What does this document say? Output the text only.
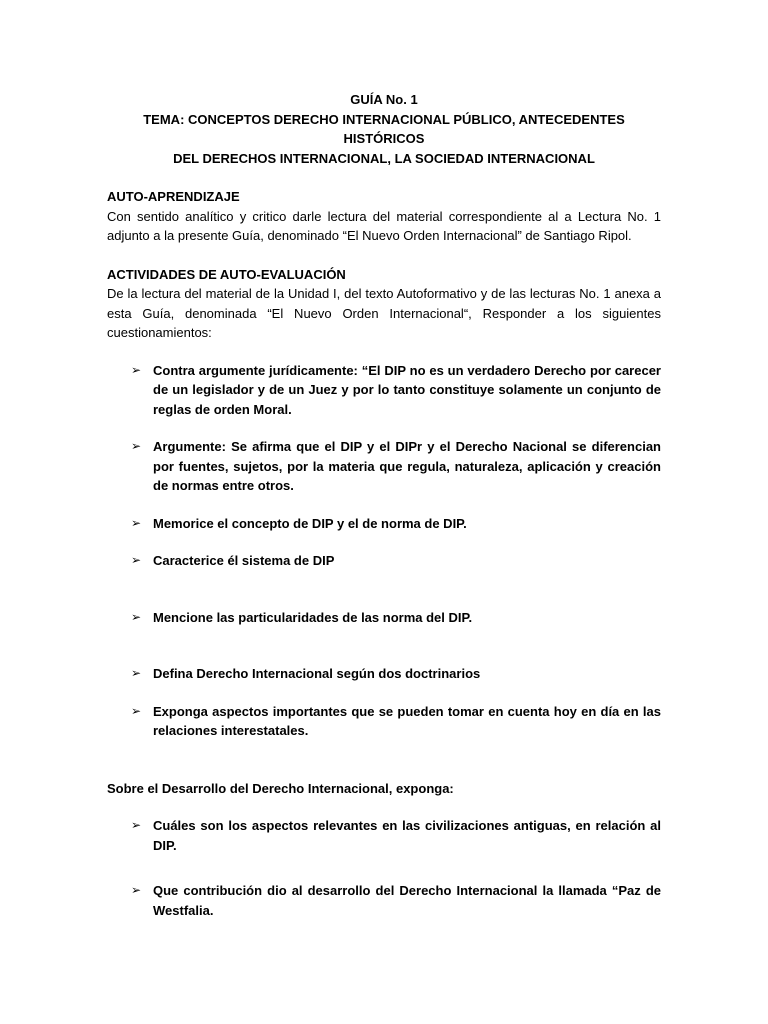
GUÍA No. 1
TEMA: CONCEPTOS DERECHO INTERNACIONAL PÚBLICO, ANTECEDENTES HISTÓRICOS
DEL DERECHOS INTERNACIONAL, LA SOCIEDAD INTERNACIONAL
AUTO-APRENDIZAJE
Con sentido analítico y critico darle lectura del material correspondiente al a Lectura No. 1 adjunto a la presente Guía, denominado “El Nuevo Orden Internacional” de Santiago Ripol.
ACTIVIDADES DE AUTO-EVALUACIÓN
De la lectura del material de la Unidad I, del texto Autoformativo y de las lecturas No. 1 anexa a esta Guía, denominada “El Nuevo Orden Internacional“, Responder a los siguientes cuestionamientos:
➢ Contra argumente jurídicamente: “El DIP no es un verdadero Derecho por carecer de un legislador y de un Juez y por lo tanto constituye solamente un conjunto de reglas de orden Moral.
➢ Argumente: Se afirma que el DIP y el DIPr y el Derecho Nacional se diferencian por fuentes, sujetos, por la materia que regula, naturaleza, aplicación y creación de normas entre otros.
➢ Memorice el concepto de DIP y el de norma de DIP.
➢ Caracterice él sistema de DIP
➢ Mencione las particularidades de las norma del DIP.
➢ Defina Derecho Internacional según dos doctrinarios
➢ Exponga aspectos importantes que se pueden tomar en cuenta hoy en día en las relaciones interestatales.
Sobre el Desarrollo del Derecho Internacional, exponga:
➢ Cuáles son los aspectos relevantes en las civilizaciones antiguas, en relación al DIP.
➢ Que contribución dio al desarrollo del Derecho Internacional la llamada “Paz de Westfalia.
